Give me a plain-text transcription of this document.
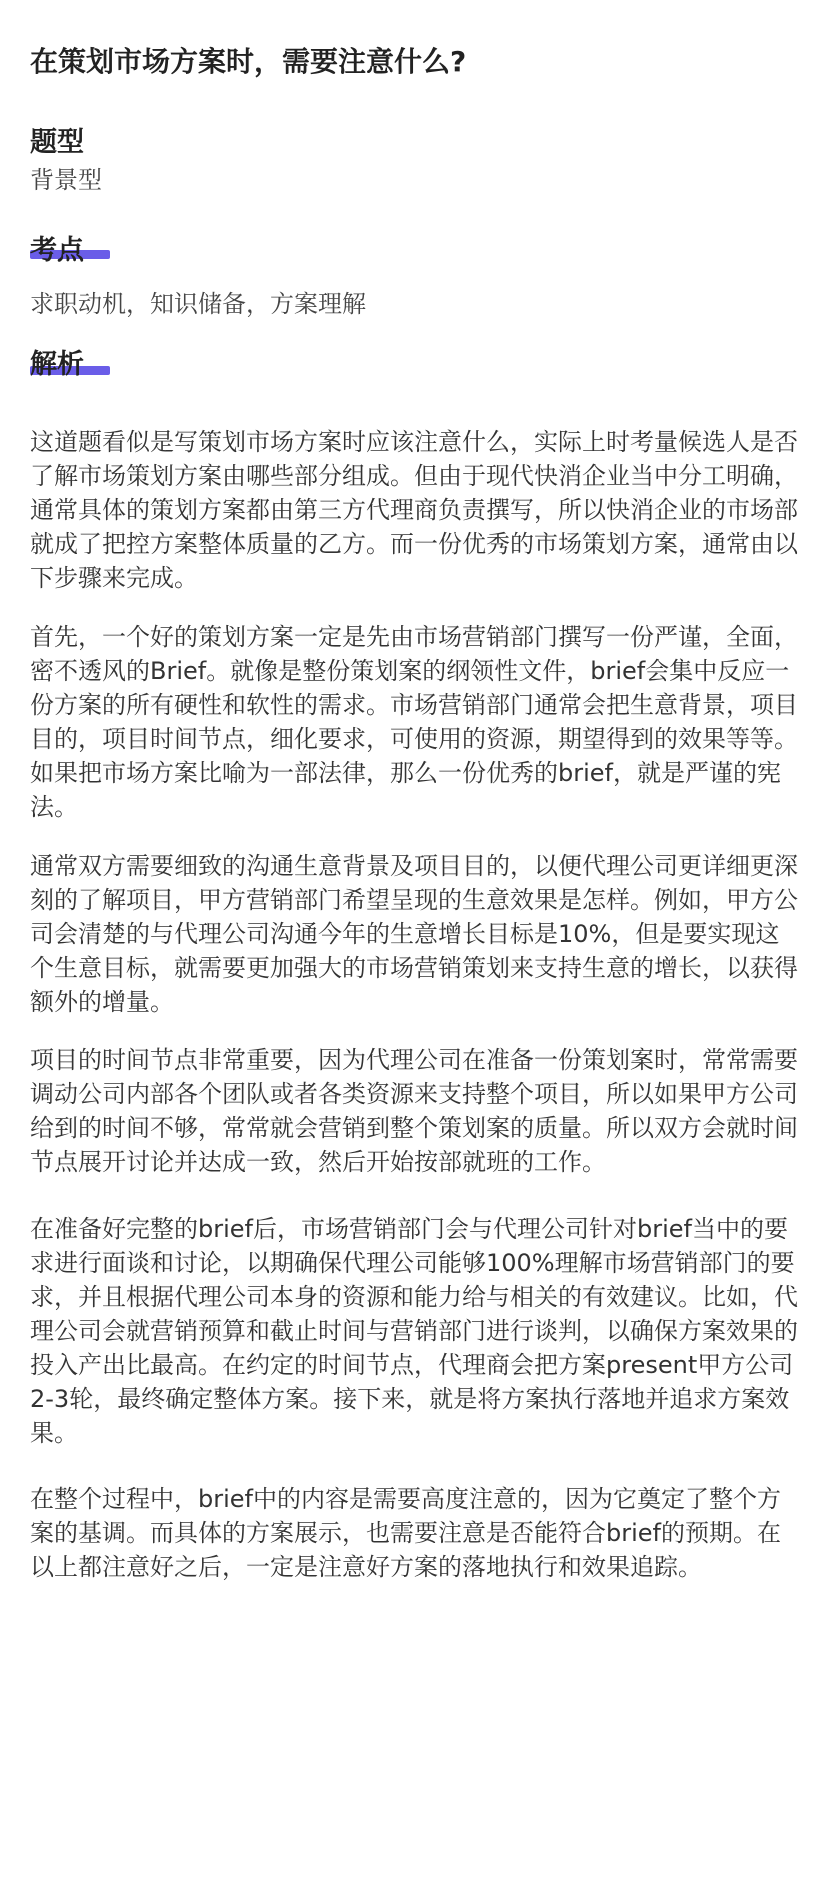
在策划市场方案时，需要注意什么?
题型
背景型
考点
求职动机，知识储备，方案理解
解析
这道题看似是写策划市场方案时应该注意什么，实际上时考量候选人是否了解市场策划方案由哪些部分组成。但由于现代快消企业当中分工明确，通常具体的策划方案都由第三方代理商负责撰写，所以快消企业的市场部就成了把控方案整体质量的乙方。而一份优秀的市场策划方案，通常由以下步骤来完成。
首先，一个好的策划方案一定是先由市场营销部门撰写一份严谨，全面，密不透风的Brief。就像是整份策划案的纲领性文件，brief会集中反应一份方案的所有硬性和软性的需求。市场营销部门通常会把生意背景，项目目的，项目时间节点，细化要求，可使用的资源，期望得到的效果等等。如果把市场方案比喻为一部法律，那么一份优秀的brief，就是严谨的宪法。
通常双方需要细致的沟通生意背景及项目目的，以便代理公司更详细更深刻的了解项目，甲方营销部门希望呈现的生意效果是怎样。例如，甲方公司会清楚的与代理公司沟通今年的生意增长目标是10%，但是要实现这个生意目标，就需要更加强大的市场营销策划来支持生意的增长，以获得额外的增量。
项目的时间节点非常重要，因为代理公司在准备一份策划案时，常常需要调动公司内部各个团队或者各类资源来支持整个项目，所以如果甲方公司给到的时间不够，常常就会营销到整个策划案的质量。所以双方会就时间节点展开讨论并达成一致，然后开始按部就班的工作。
在准备好完整的brief后，市场营销部门会与代理公司针对brief当中的要求进行面谈和讨论，以期确保代理公司能够100%理解市场营销部门的要求，并且根据代理公司本身的资源和能力给与相关的有效建议。比如，代理公司会就营销预算和截止时间与营销部门进行谈判，以确保方案效果的投入产出比最高。在约定的时间节点，代理商会把方案present甲方公司2-3轮，最终确定整体方案。接下来，就是将方案执行落地并追求方案效果。
在整个过程中，brief中的内容是需要高度注意的，因为它奠定了整个方案的基调。而具体的方案展示，也需要注意是否能符合brief的预期。在以上都注意好之后，一定是注意好方案的落地执行和效果追踪。
